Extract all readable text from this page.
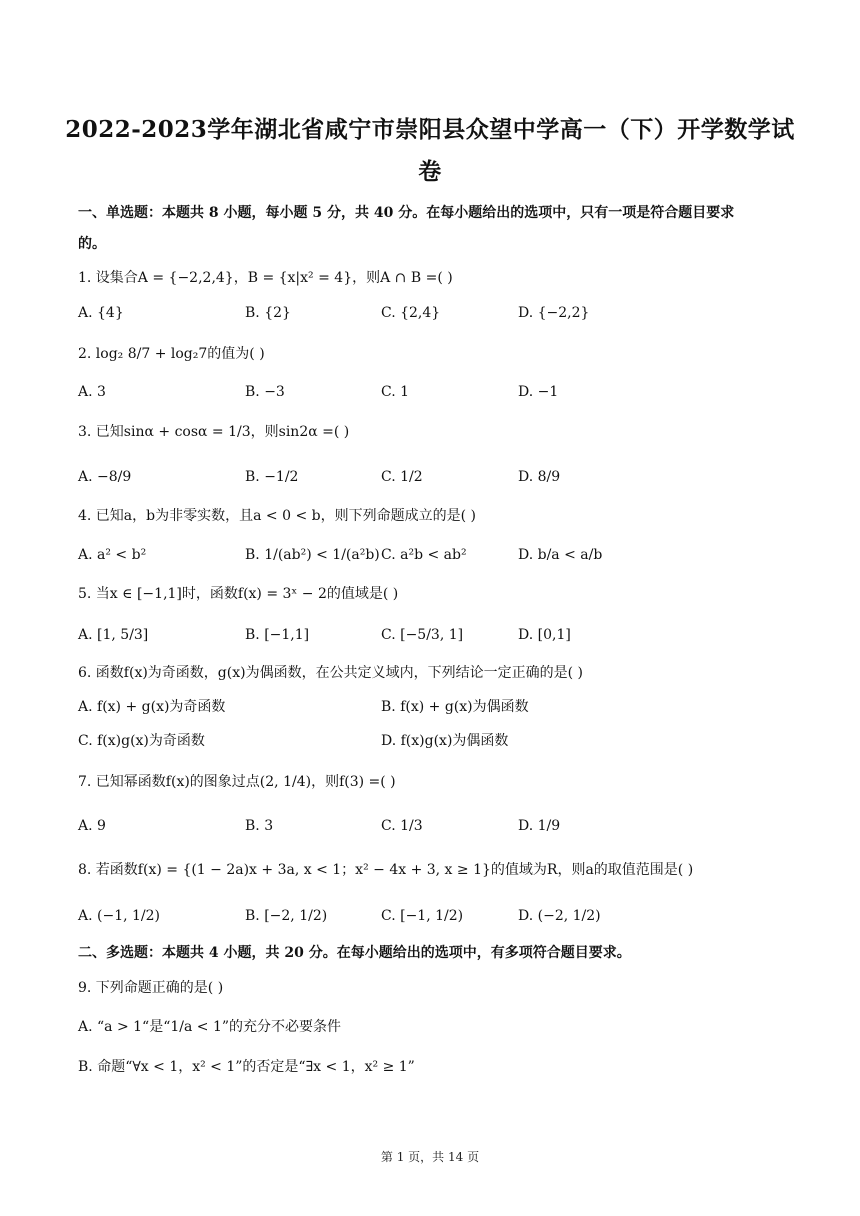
2022-2023学年湖北省咸宁市崇阳县众望中学高一（下）开学数学试
卷
一、单选题：本题共 8 小题，每小题 5 分，共 40 分。在每小题给出的选项中，只有一项是符合题目要求
的。
1. 设集合A = {−2,2,4}，B = {x|x² = 4}，则A ∩ B =( )
A. {4}	B. {2}	C. {2,4}	D. {−2,2}
2. log₂ 8/7 + log₂7的值为( )
A. 3	B. −3	C. 1	D. −1
3. 已知sinα + cosα = 1/3，则sin2α =( )
A. −8/9	B. −1/2	C. 1/2	D. 8/9
4. 已知a，b为非零实数，且a < 0 < b，则下列命题成立的是( )
A. a² < b²	B. 1/(ab²) < 1/(a²b) C. a²b < ab²	D. b/a < a/b
5. 当x ∈ [−1,1]时，函数f(x) = 3ˣ − 2的值域是( )
A. [1, 5/3]	B. [−1,1]	C. [−5/3, 1]	D. [0,1]
6. 函数f(x)为奇函数，g(x)为偶函数，在公共定义域内，下列结论一定正确的是( )
A. f(x) + g(x)为奇函数	B. f(x) + g(x)为偶函数
C. f(x)g(x)为奇函数	D. f(x)g(x)为偶函数
7. 已知幂函数f(x)的图象过点(2, 1/4)，则f(3) =( )
A. 9	B. 3	C. 1/3	D. 1/9
8. 若函数f(x) = {(1 − 2a)x + 3a, x < 1；x² − 4x + 3, x ≥ 1}的值域为R，则a的取值范围是( )
A. (−1, 1/2)	B. [−2, 1/2)	C. [−1, 1/2)	D. (−2, 1/2)
二、多选题：本题共 4 小题，共 20 分。在每小题给出的选项中，有多项符合题目要求。
9. 下列命题正确的是( )
A. “a > 1“是“1/a < 1”的充分不必要条件
B. 命题“∀x < 1，x² < 1”的否定是“∃x < 1，x² ≥ 1”
第 1 页，共 14 页
